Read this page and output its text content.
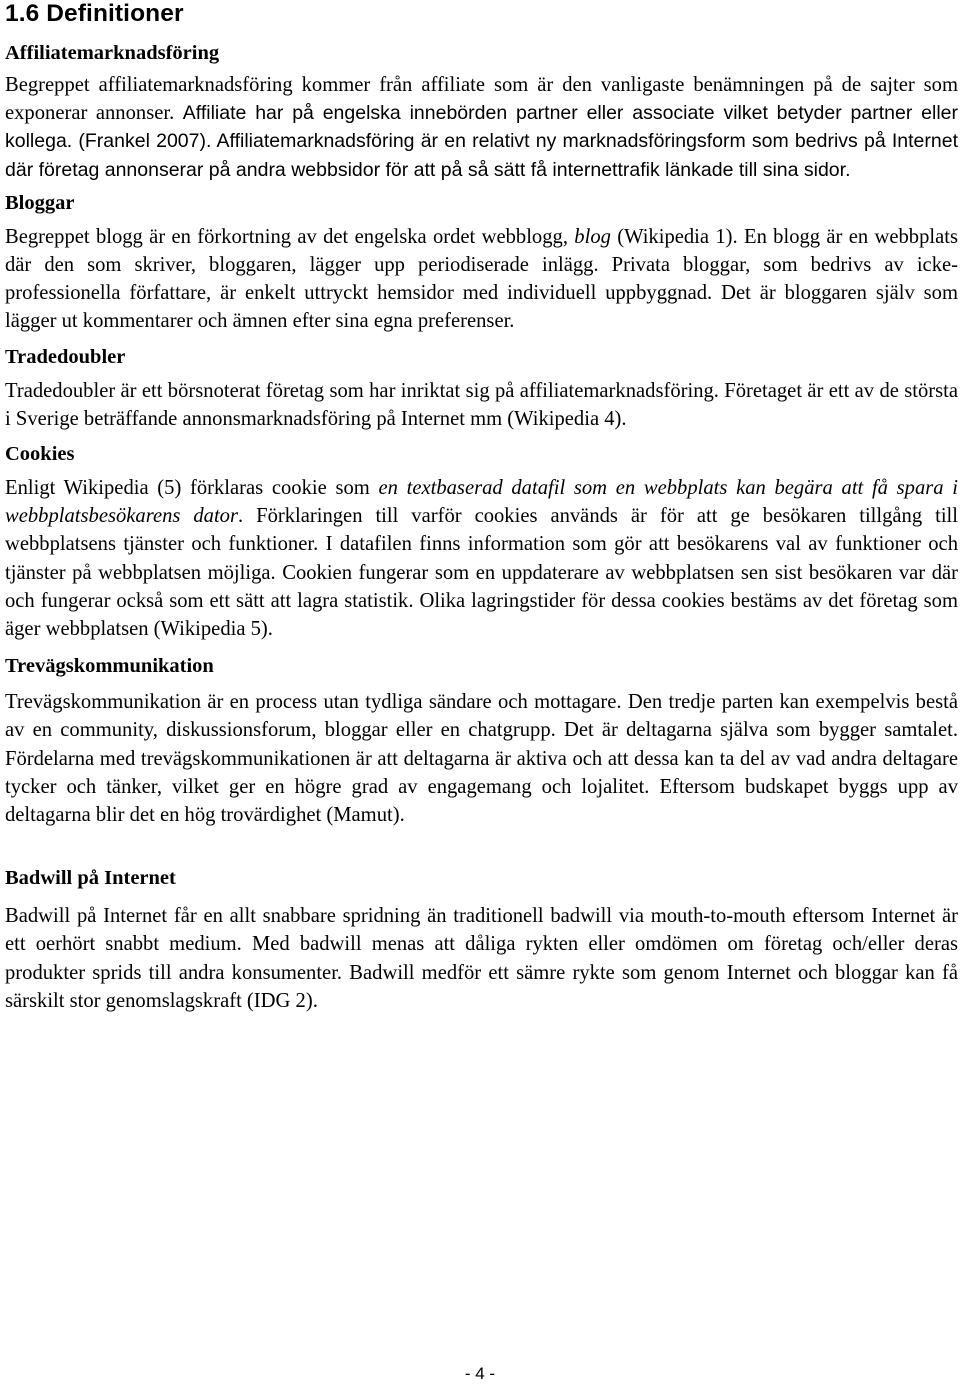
1.6 Definitioner
Affiliatemarknadsföring

Begreppet affiliatemarknadsföring kommer från affiliate som är den vanligaste benämningen på de sajter som exponerar annonser. Affiliate har på engelska innebörden partner eller associate vilket betyder partner eller kollega. (Frankel 2007). Affiliatemarknadsföring är en relativt ny marknadsföringsform som bedrivs på Internet där företag annonserar på andra webbsidor för att på så sätt få internettrafik länkade till sina sidor.

Bloggar

Begreppet blogg är en förkortning av det engelska ordet webblogg, blog (Wikipedia 1). En blogg är en webbplats där den som skriver, bloggaren, lägger upp periodiserade inlägg. Privata bloggar, som bedrivs av icke-professionella författare, är enkelt uttryckt hemsidor med individuell uppbyggnad. Det är bloggaren själv som lägger ut kommentarer och ämnen efter sina egna preferenser.

Tradedoubler

Tradedoubler är ett börsnoterat företag som har inriktat sig på affiliatemarknadsföring. Företaget är ett av de största i Sverige beträffande annonsmarknadsföring på Internet mm (Wikipedia 4).

Cookies

Enligt Wikipedia (5) förklaras cookie som en textbaserad datafil som en webbplats kan begära att få spara i webbplatsbesökarens dator. Förklaringen till varför cookies används är för att ge besökaren tillgång till webbplatsens tjänster och funktioner. I datafilen finns information som gör att besökarens val av funktioner och tjänster på webbplatsen möjliga. Cookien fungerar som en uppdaterare av webbplatsen sen sist besökaren var där och fungerar också som ett sätt att lagra statistik. Olika lagringstider för dessa cookies bestäms av det företag som äger webbplatsen (Wikipedia 5).

Trevägskommunikation

Trevägskommunikation är en process utan tydliga sändare och mottagare. Den tredje parten kan exempelvis bestå av en community, diskussionsforum, bloggar eller en chatgrupp. Det är deltagarna själva som bygger samtalet. Fördelarna med trevägskommunikationen är att deltagarna är aktiva och att dessa kan ta del av vad andra deltagare tycker och tänker, vilket ger en högre grad av engagemang och lojalitet. Eftersom budskapet byggs upp av deltagarna blir det en hög trovärdighet (Mamut).

Badwill på Internet

Badwill på Internet får en allt snabbare spridning än traditionell badwill via mouth-to-mouth eftersom Internet är ett oerhört snabbt medium. Med badwill menas att dåliga rykten eller omdömen om företag och/eller deras produkter sprids till andra konsumenter. Badwill medför ett sämre rykte som genom Internet och bloggar kan få särskilt stor genomslagskraft (IDG 2).

- 4 -
